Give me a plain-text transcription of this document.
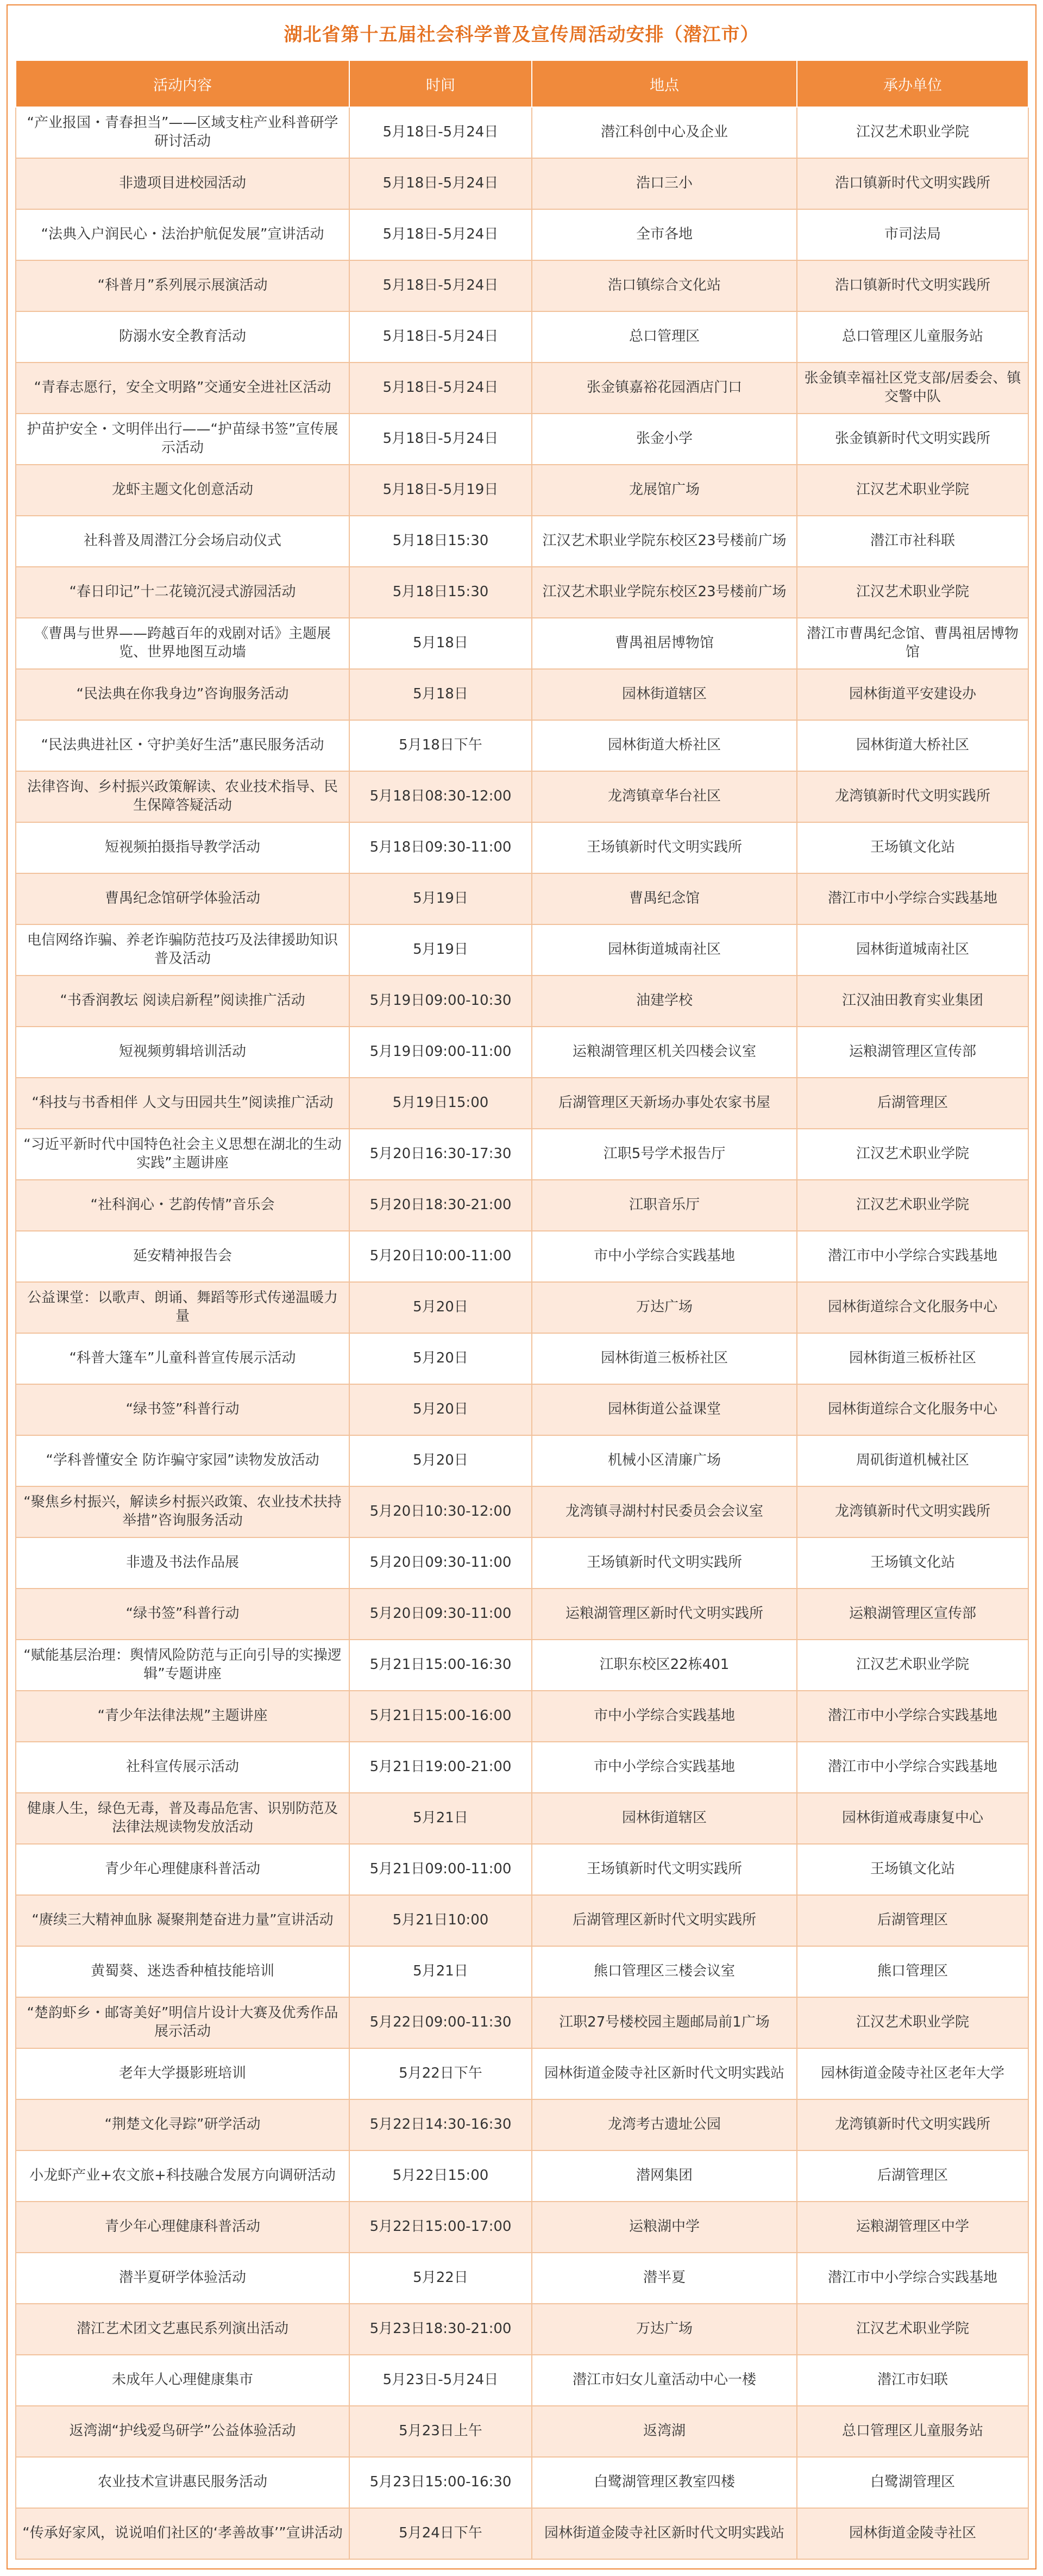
湖北省第十五届社会科学普及宣传周活动安排（潜江市）
活动内容	时间	地点	承办单位
“产业报国・青春担当”——区域支柱产业科普研学研讨活动	5月18日-5月24日	潜江科创中心及企业	江汉艺术职业学院
非遗项目进校园活动	5月18日-5月24日	浩口三小	浩口镇新时代文明实践所
“法典入户润民心・法治护航促发展”宣讲活动	5月18日-5月24日	全市各地	市司法局
“科普月”系列展示展演活动	5月18日-5月24日	浩口镇综合文化站	浩口镇新时代文明实践所
防溺水安全教育活动	5月18日-5月24日	总口管理区	总口管理区儿童服务站
“青春志愿行，安全文明路”交通安全进社区活动	5月18日-5月24日	张金镇嘉裕花园酒店门口	张金镇幸福社区党支部/居委会、镇交警中队
护苗护安全・文明伴出行——“护苗绿书签”宣传展示活动	5月18日-5月24日	张金小学	张金镇新时代文明实践所
龙虾主题文化创意活动	5月18日-5月19日	龙展馆广场	江汉艺术职业学院
社科普及周潜江分会场启动仪式	5月18日15:30	江汉艺术职业学院东校区23号楼前广场	潜江市社科联
“春日印记”十二花镜沉浸式游园活动	5月18日15:30	江汉艺术职业学院东校区23号楼前广场	江汉艺术职业学院
《曹禺与世界——跨越百年的戏剧对话》主题展览、世界地图互动墙	5月18日	曹禺祖居博物馆	潜江市曹禺纪念馆、曹禺祖居博物馆
“民法典在你我身边”咨询服务活动	5月18日	园林街道辖区	园林街道平安建设办
“民法典进社区・守护美好生活”惠民服务活动	5月18日下午	园林街道大桥社区	园林街道大桥社区
法律咨询、乡村振兴政策解读、农业技术指导、民生保障答疑活动	5月18日08:30-12:00	龙湾镇章华台社区	龙湾镇新时代文明实践所
短视频拍摄指导教学活动	5月18日09:30-11:00	王场镇新时代文明实践所	王场镇文化站
曹禺纪念馆研学体验活动	5月19日	曹禺纪念馆	潜江市中小学综合实践基地
电信网络诈骗、养老诈骗防范技巧及法律援助知识普及活动	5月19日	园林街道城南社区	园林街道城南社区
“书香润教坛 阅读启新程”阅读推广活动	5月19日09:00-10:30	油建学校	江汉油田教育实业集团
短视频剪辑培训活动	5月19日09:00-11:00	运粮湖管理区机关四楼会议室	运粮湖管理区宣传部
“科技与书香相伴 人文与田园共生”阅读推广活动	5月19日15:00	后湖管理区天新场办事处农家书屋	后湖管理区
“习近平新时代中国特色社会主义思想在湖北的生动实践”主题讲座	5月20日16:30-17:30	江职5号学术报告厅	江汉艺术职业学院
“社科润心・艺韵传情”音乐会	5月20日18:30-21:00	江职音乐厅	江汉艺术职业学院
延安精神报告会	5月20日10:00-11:00	市中小学综合实践基地	潜江市中小学综合实践基地
公益课堂：以歌声、朗诵、舞蹈等形式传递温暖力量	5月20日	万达广场	园林街道综合文化服务中心
“科普大篷车”儿童科普宣传展示活动	5月20日	园林街道三板桥社区	园林街道三板桥社区
“绿书签”科普行动	5月20日	园林街道公益课堂	园林街道综合文化服务中心
“学科普懂安全 防诈骗守家园”读物发放活动	5月20日	机械小区清廉广场	周矶街道机械社区
“聚焦乡村振兴，解读乡村振兴政策、农业技术扶持举措”咨询服务活动	5月20日10:30-12:00	龙湾镇寻湖村村民委员会会议室	龙湾镇新时代文明实践所
非遗及书法作品展	5月20日09:30-11:00	王场镇新时代文明实践所	王场镇文化站
“绿书签”科普行动	5月20日09:30-11:00	运粮湖管理区新时代文明实践所	运粮湖管理区宣传部
“赋能基层治理：舆情风险防范与正向引导的实操逻辑”专题讲座	5月21日15:00-16:30	江职东校区22栋401	江汉艺术职业学院
“青少年法律法规”主题讲座	5月21日15:00-16:00	市中小学综合实践基地	潜江市中小学综合实践基地
社科宣传展示活动	5月21日19:00-21:00	市中小学综合实践基地	潜江市中小学综合实践基地
健康人生，绿色无毒，普及毒品危害、识别防范及法律法规读物发放活动	5月21日	园林街道辖区	园林街道戒毒康复中心
青少年心理健康科普活动	5月21日09:00-11:00	王场镇新时代文明实践所	王场镇文化站
“赓续三大精神血脉 凝聚荆楚奋进力量”宣讲活动	5月21日10:00	后湖管理区新时代文明实践所	后湖管理区
黄蜀葵、迷迭香种植技能培训	5月21日	熊口管理区三楼会议室	熊口管理区
“楚韵虾乡・邮寄美好”明信片设计大赛及优秀作品展示活动	5月22日09:00-11:30	江职27号楼校园主题邮局前1广场	江汉艺术职业学院
老年大学摄影班培训	5月22日下午	园林街道金陵寺社区新时代文明实践站	园林街道金陵寺社区老年大学
“荆楚文化寻踪”研学活动	5月22日14:30-16:30	龙湾考古遗址公园	龙湾镇新时代文明实践所
小龙虾产业+农文旅+科技融合发展方向调研活动	5月22日15:00	潜网集团	后湖管理区
青少年心理健康科普活动	5月22日15:00-17:00	运粮湖中学	运粮湖管理区中学
潜半夏研学体验活动	5月22日	潜半夏	潜江市中小学综合实践基地
潜江艺术团文艺惠民系列演出活动	5月23日18:30-21:00	万达广场	江汉艺术职业学院
未成年人心理健康集市	5月23日-5月24日	潜江市妇女儿童活动中心一楼	潜江市妇联
返湾湖“护线爱鸟研学”公益体验活动	5月23日上午	返湾湖	总口管理区儿童服务站
农业技术宣讲惠民服务活动	5月23日15:00-16:30	白鹭湖管理区教室四楼	白鹭湖管理区
“传承好家风，说说咱们社区的‘孝善故事’”宣讲活动	5月24日下午	园林街道金陵寺社区新时代文明实践站	园林街道金陵寺社区
